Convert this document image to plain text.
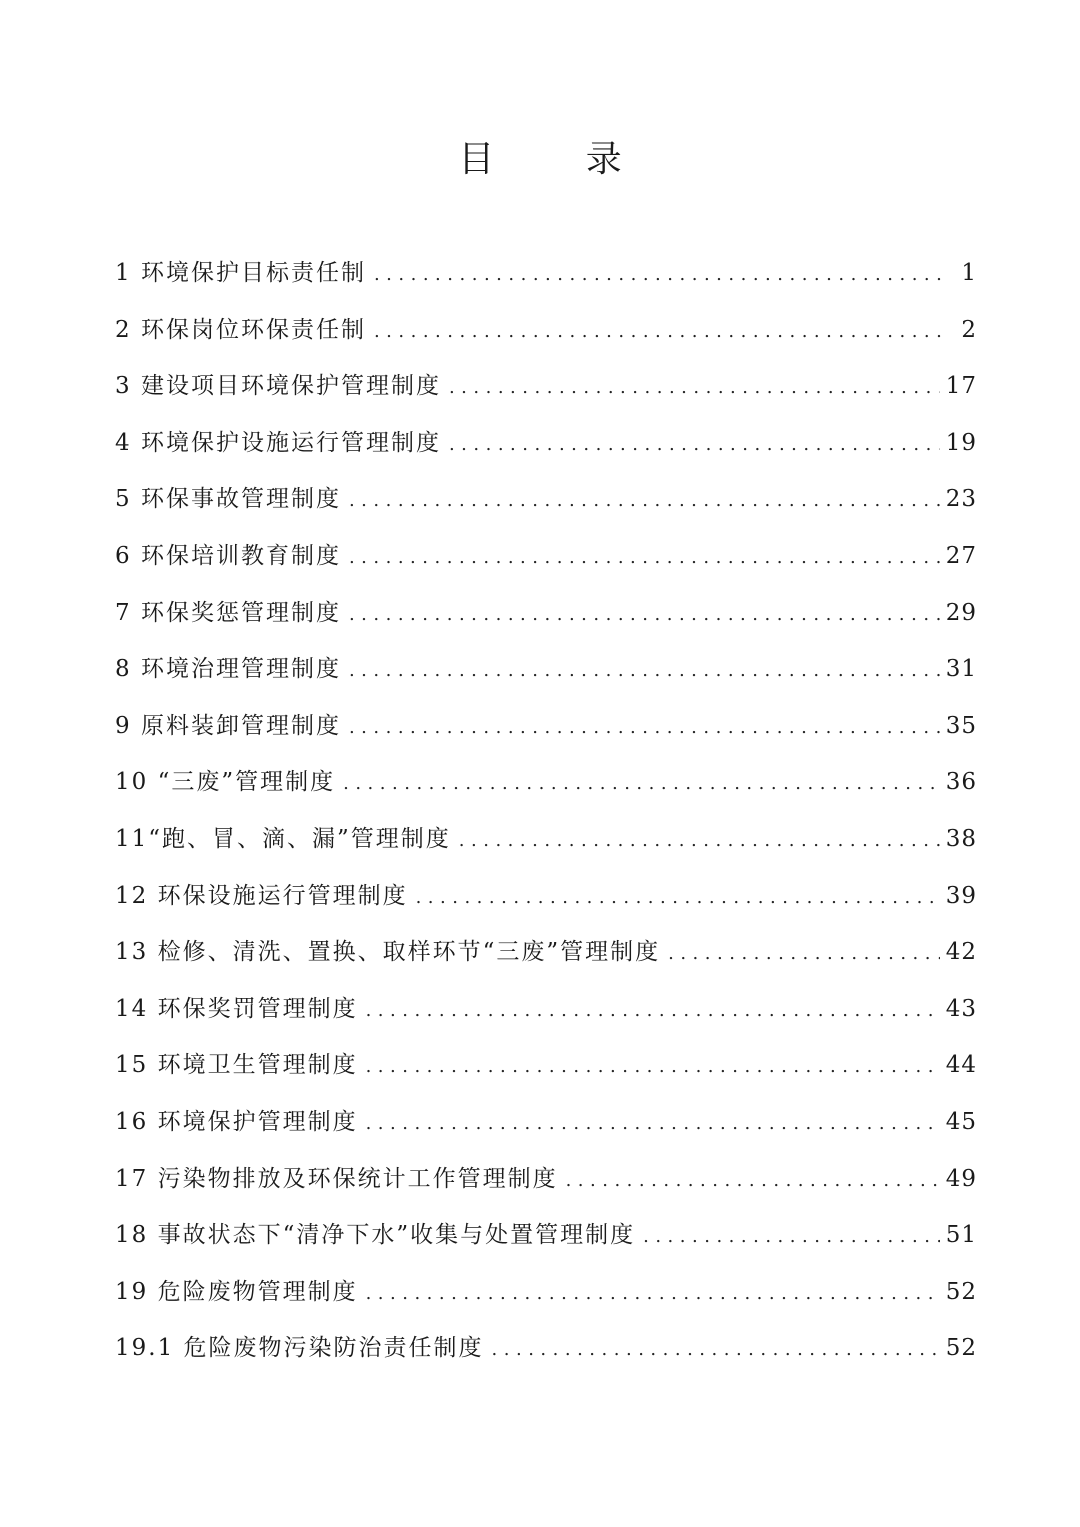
目 录
1 环境保护目标责任制 .....	1
2 环保岗位环保责任制 .....	2
3 建设项目环境保护管理制度 .....	17
4 环境保护设施运行管理制度 .....	19
5 环保事故管理制度 .....	23
6 环保培训教育制度 .....	27
7 环保奖惩管理制度 .....	29
8 环境治理管理制度 .....	31
9 原料装卸管理制度 .....	35
10 “三废”管理制度 .....	36
11“跑、冒、滴、漏”管理制度 .....	38
12 环保设施运行管理制度 .....	39
13 检修、清洗、置换、取样环节“三废”管理制度 .....	42
14 环保奖罚管理制度 .....	43
15 环境卫生管理制度 .....	44
16 环境保护管理制度 .....	45
17 污染物排放及环保统计工作管理制度 .....	49
18 事故状态下“清净下水”收集与处置管理制度 .....	51
19 危险废物管理制度 .....	52
19.1 危险废物污染防治责任制度 .....	52
